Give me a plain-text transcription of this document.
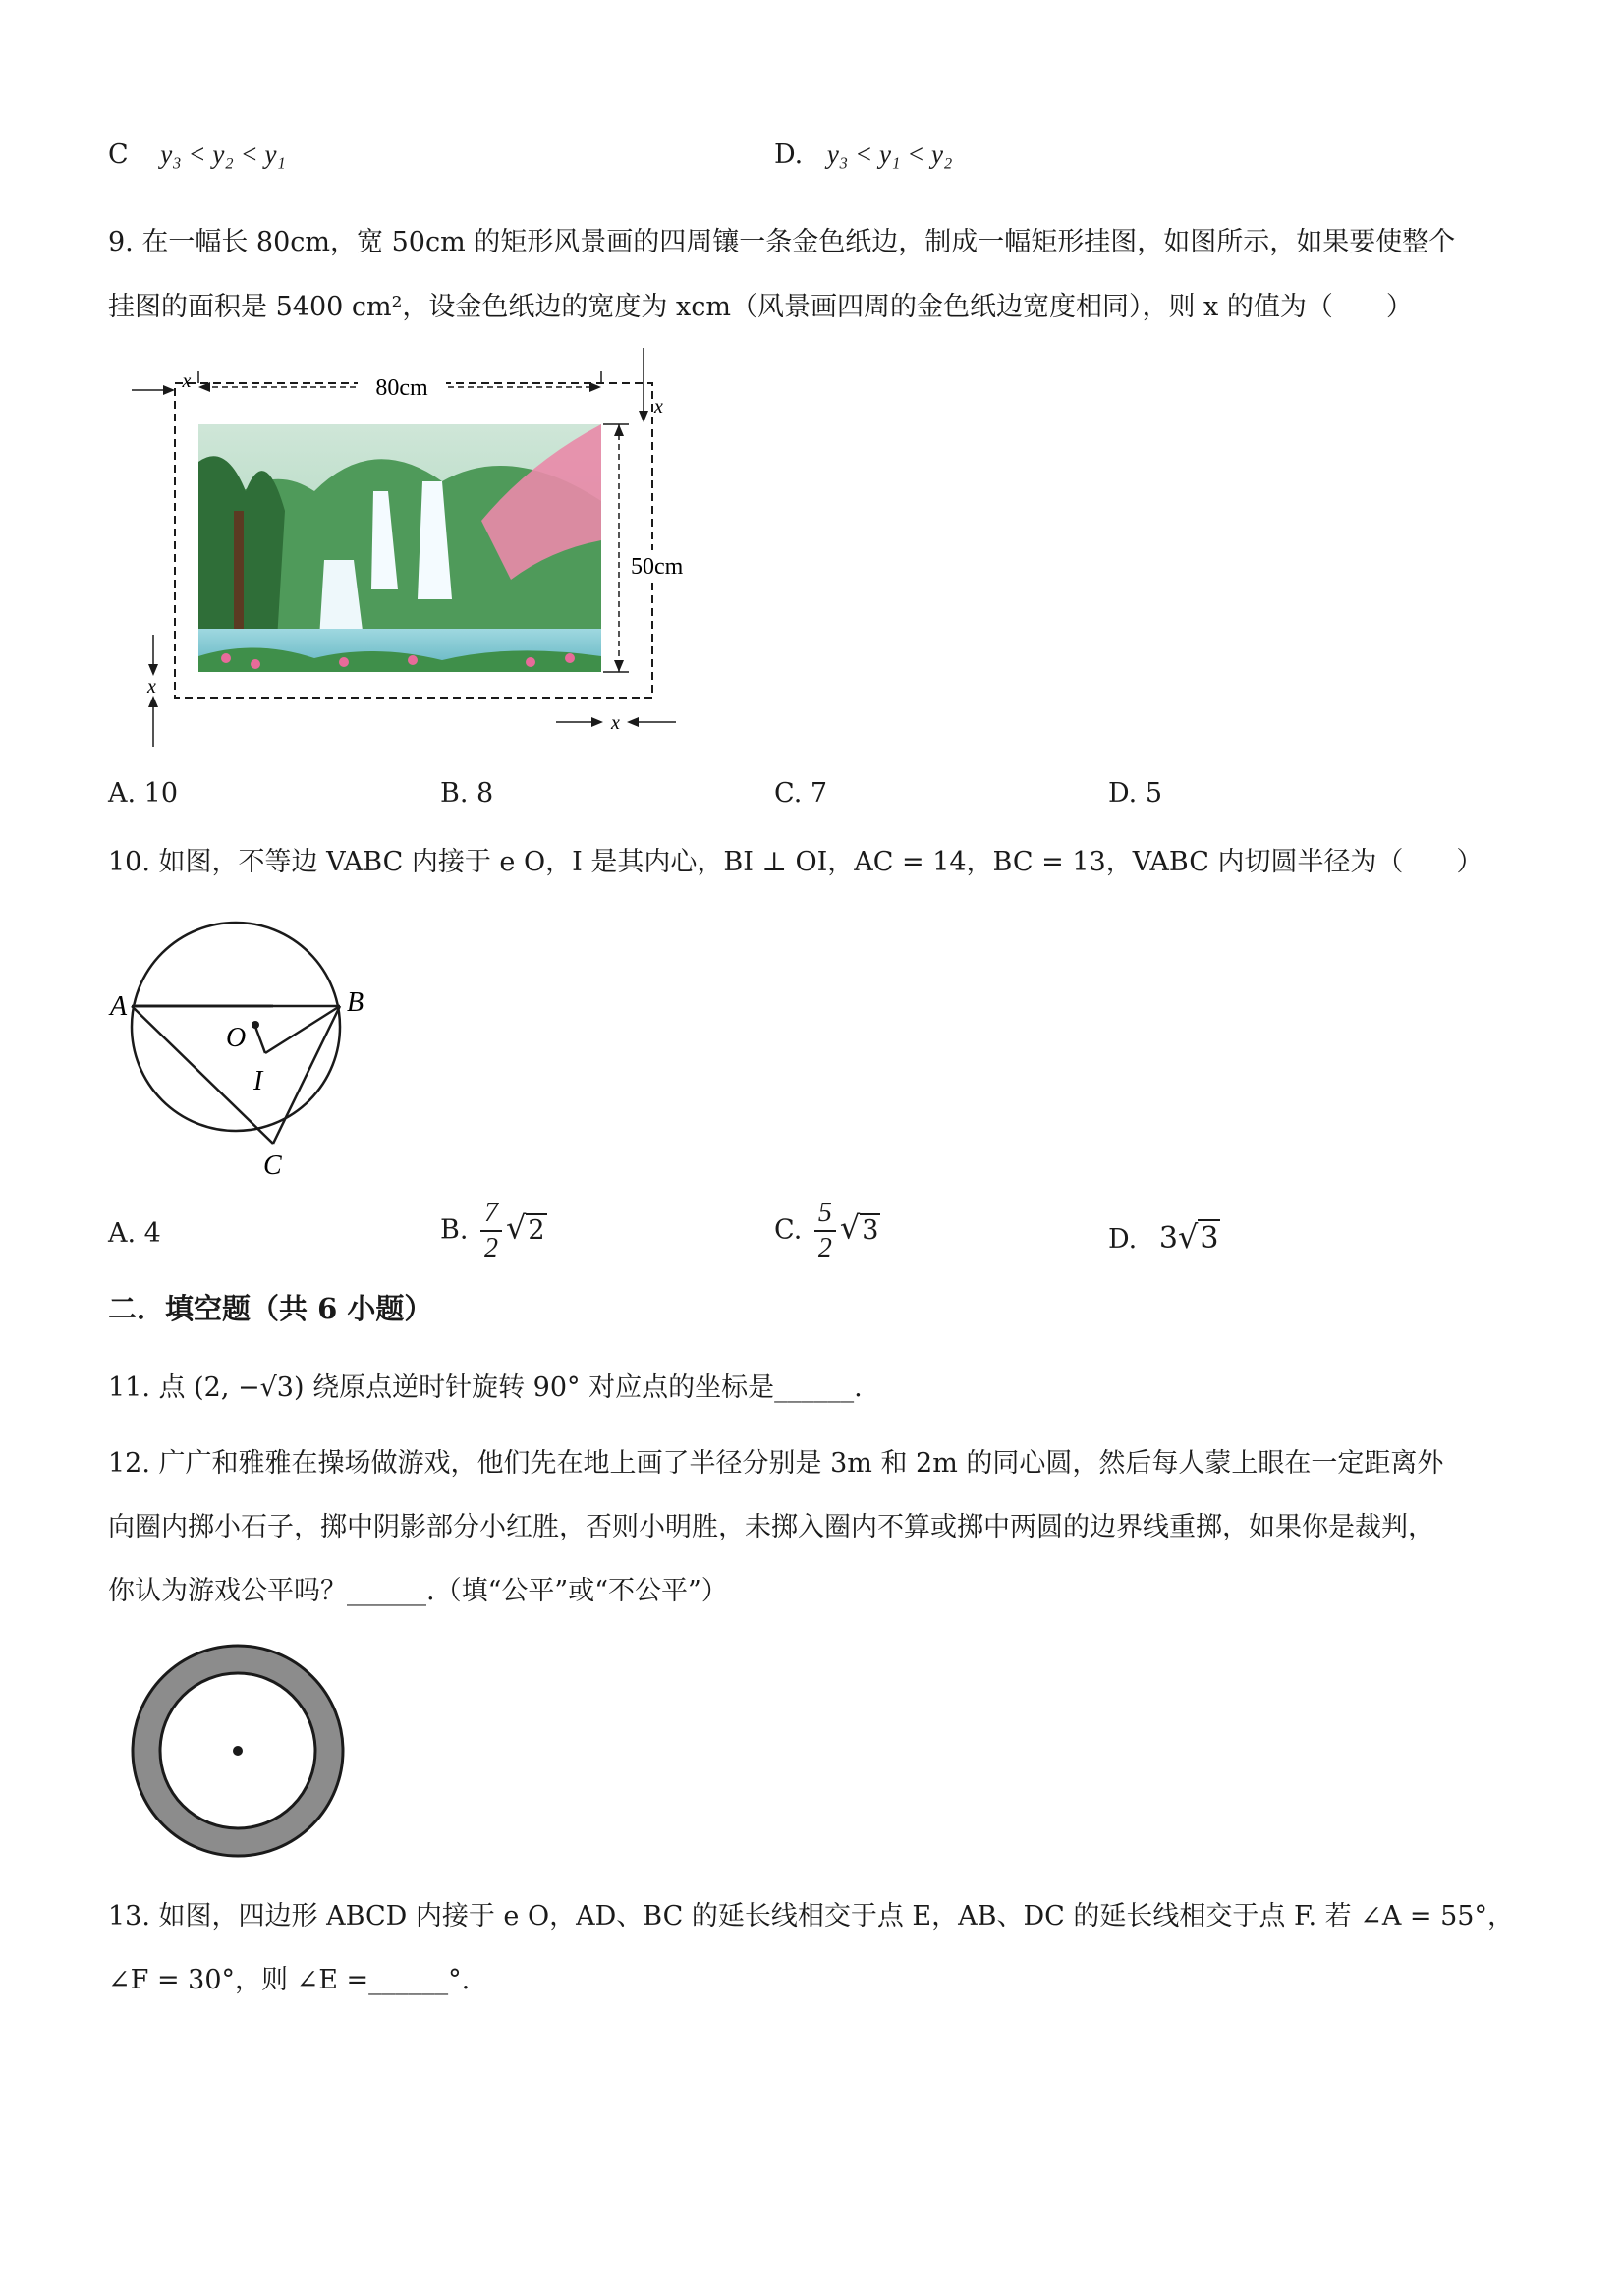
C y₃ < y₂ < y₁	D. y₃ < y₁ < y₂
9. 在一幅长 80cm，宽 50cm 的矩形风景画的四周镶一条金色纸边，制成一幅矩形挂图，如图所示，如果要使整个
挂图的面积是 5400 cm²，设金色纸边的宽度为 xcm（风景画四周的金色纸边宽度相同），则 x 的值为（　　）
80cm
x
x
50cm
x
x
A. 10	B. 8	C. 7	D. 5
10. 如图，不等边 VABC 内接于 e O，I 是其内心，BI ⊥ OI，AC = 14，BC = 13，VABC 内切圆半径为（　　）
A	B
C
O
I
A. 4	B. $\frac{7}{2} √2$	C. $\frac{5}{2} √3$	D. 3√3
二．填空题（共 6 小题）
11. 点 (2, −√3) 绕原点逆时针旋转 90° 对应点的坐标是______.
12. 广广和雅雅在操场做游戏，他们先在地上画了半径分别是 3m 和 2m 的同心圆，然后每人蒙上眼在一定距离外
向圈内掷小石子，掷中阴影部分小红胜，否则小明胜，未掷入圈内不算或掷中两圆的边界线重掷，如果你是裁判，
你认为游戏公平吗？______.（填“公平”或“不公平”）
13. 如图，四边形 ABCD 内接于 e O，AD、BC 的延长线相交于点 E，AB、DC 的延长线相交于点 F. 若 ∠A = 55°，
∠F = 30°，则 ∠E =______°.
